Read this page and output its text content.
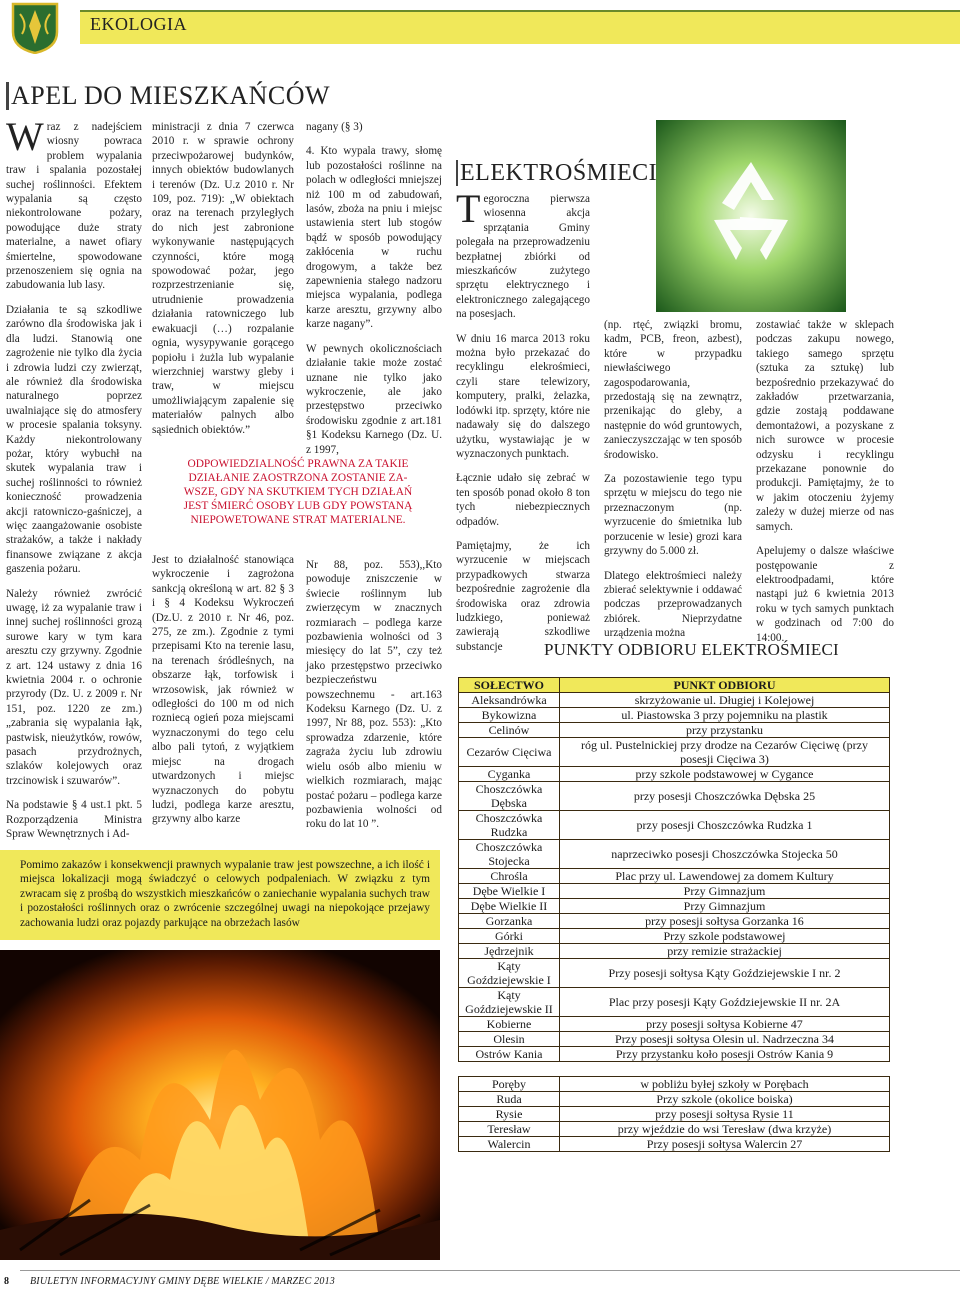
EKOLOGIA
APEL DO MIESZKAŃCÓW

Wraz z nadejściem wiosny powraca problem wypalania traw i spalania pozostałej suchej roślinności. Efektem wypalania są często niekontrolowane pożary, powodujące duże straty materialne, a nawet ofiary śmiertelne, spowodowane przenoszeniem się ognia na zabudowania lub lasy.

Działania te są szkodliwe zarówno dla środowiska jak i dla ludzi. Stanowią one zagrożenie nie tylko dla życia i zdrowia ludzi czy zwierząt, ale również dla środowiska naturalnego poprzez uwalniające się do atmosfery w procesie spalania toksyny. Każdy niekontrolowany pożar, który wybuchł na skutek wypalania traw i suchej roślinności to również konieczność prowadzenia akcji ratowniczo-gaśniczej, a więc zaangażowanie osobiste strażaków, a także i nakłady finansowe związane z akcja gaszenia pożaru.

Należy również zwrócić uwagę, iż za wypalanie traw i innej suchej roślinności grozą surowe kary w tym kara aresztu czy grzywny. Zgodnie z art. 124 ustawy z dnia 16 kwietnia 2004 r. o ochronie przyrody (Dz. U. z 2009 r. Nr 151, poz. 1220 ze zm.) „zabrania się wypalania łąk, pastwisk, nieużytków, rowów, pasach przydrożnych, szlaków kolejowych oraz trzcinowisk i szuwarów”.

Na podstawie § 4 ust.1 pkt. 5 Rozporządzenia Ministra Spraw Wewnętrznych i Ad-

ministracji z dnia 7 czerwca 2010 r. w sprawie ochrony przeciwpożarowej budynków, innych obiektów budowlanych i terenów (Dz. U.z 2010 r. Nr 109, poz. 719): „W obiektach oraz na terenach przyległych do nich jest zabronione wykonywanie następujących czynności, które mogą spowodować pożar, jego rozprzestrzenianie się, utrudnienie prowadzenia działania ratowniczego lub ewakuacji (…) rozpalanie ognia, wysypywanie gorącego popiołu i żużla lub wypalanie wierzchniej warstwy gleby i traw, w miejscu umożliwiającym zapalenie się materiałów palnych albo sąsiednich obiektów.”

ODPOWIEDZIALNOŚĆ PRAWNA ZA TAKIE DZIAŁANIE ZAOSTRZONA ZOSTANIE ZA-WSZE, GDY NA SKUTKIEM TYCH DZIAŁAŃ JEST ŚMIERĆ OSOBY LUB GDY POWSTANĄ NIEPOWETOWANE STRAT MATERIALNE.

Jest to działalność stanowiąca wykroczenie i zagrożona sankcją określoną w art. 82 § 3 i § 4 Kodeksu Wykroczeń (Dz.U. z 2010 r. Nr 46, poz. 275, ze zm.). Zgodnie z tymi przepisami Kto na terenie lasu, na terenach śródleśnych, na obszarze łąk, torfowisk i wrzosowisk, jak również w odległości do 100 m od nich rozniecą ogień poza miejscami wyznaczonymi do tego celu albo pali tytoń, z wyjątkiem miejsc na drogach utwardzonych i miejsc wyznaczonych do pobytu ludzi, podlega karze aresztu, grzywny albo karze

nagany (§ 3)

4. Kto wypala trawy, słomę lub pozostałości roślinne na polach w odległości mniejszej niż 100 m od zabudowań, lasów, zboża na pniu i miejsc ustawienia stert lub stogów bądź w sposób powodujący zakłócenia w ruchu drogowym, a także bez zapewnienia stałego nadzoru miejsca wypalania, podlega karze aresztu, grzywny albo karze nagany”.

W pewnych okolicznościach działanie takie może zostać uznane nie tylko jako wykroczenie, ale jako przestępstwo przeciwko środowisku zgodnie z art.181 §1 Kodeksu Karnego (Dz. U. z 1997,

Nr 88, poz. 553),,Kto powoduje zniszczenie w świecie roślinnym lub zwierzęcym w znacznych rozmiarach – podlega karze pozbawienia wolności od 3 miesięcy do lat 5”, czy też jako przestępstwo przeciwko bezpieczeństwu powszechnemu - art.163 Kodeksu Karnego (Dz. U. z 1997, Nr 88, poz. 553): „Kto sprowadza zdarzenie, które zagraża życiu lub zdrowiu wielu osób albo mieniu w wielkich rozmiarach, mając postać pożaru – podlega karze pozbawienia wolności od roku do lat 10 ”.

Pomimo zakazów i konsekwencji prawnych wypalanie traw jest powszechne, a ich ilość i miejsca lokalizacji mogą świadczyć o celowych podpaleniach. W związku z tym zwracam się z prośbą do wszystkich mieszkańców o zaniechanie wypalania suchych traw i pozostałości roślinnych oraz o zwrócenie szczególnej uwagi na niepokojące przejawy zachowania ludzi oraz pojazdy parkujące na obrzeżach lasów
ELEKTROŚMIECI

Tegoroczna pierwsza wiosenna akcja sprzątania Gminy polegała na przeprowadzeniu bezpłatnej zbiórki od mieszkańców zużytego sprzętu elektrycznego i elektronicznego zalegającego na posesjach.

W dniu 16 marca 2013 roku można było przekazać do recyklingu elekrośmieci, czyli stare telewizory, komputery, pralki, żelazka, lodówki itp. sprzęty, które nie nadawały się do dalszego użytku, wystawiając je w wyznaczonych punktach.

Łącznie udało się zebrać w ten sposób ponad około 8 ton tych niebezpiecznych odpadów.

Pamiętajmy, że ich wyrzucenie w miejscach przypadkowych stwarza bezpośrednie zagrożenie dla środowiska oraz zdrowia ludzkiego, ponieważ zawierają szkodliwe substancje

(np. rtęć, związki bromu, kadm, PCB, freon, azbest), które w przypadku niewłaściwego zagospodarowania, przedostają się na zewnątrz, przenikając do gleby, a następnie do wód gruntowych, zanieczyszczając w ten sposób środowisko.

Za pozostawienie tego typu sprzętu w miejscu do tego nie przeznaczonym (np. wyrzucenie do śmietnika lub porzucenie w lesie) grozi kara grzywny do 5.000 zł.

Dlatego elektrośmieci należy zbierać selektywnie i oddawać podczas przeprowadzanych zbiórek. Nieprzydatne urządzenia można

zostawiać także w sklepach podczas zakupu nowego, takiego samego sprzętu (sztuka za sztukę) lub bezpośrednio przekazywać do zakładów przetwarzania, gdzie zostają poddawane demontażowi, a pozyskane z nich surowce w procesie odzysku i recyklingu przekazane ponownie do produkcji. Pamiętajmy, że to w jakim otoczeniu żyjemy zależy w dużej mierze od nas samych.

Apelujemy o dalsze właściwe postępowanie z elektroodpadami, które nastąpi już 6 kwietnia 2013 roku w tych samych punktach w godzinach od 7:00 do 14:00.

PUNKTY ODBIORU ELEKTROŚMIECI
SOŁECTWO	PUNKT ODBIORU
Aleksandrówka	skrzyżowanie ul. Długiej i Kolejowej
Bykowizna	ul. Piastowska 3 przy pojemniku na plastik
Celinów	przy przystanku
Cezarów Cięciwa	róg ul. Pustelnickiej przy drodze na Cezarów Cięciwę (przy posesji Cięciwa 3)
Cyganka	przy szkole podstawowej w Cygance
Choszczówka Dębska	przy posesji Choszczówka Dębska 25
Choszczówka Rudzka	przy posesji Choszczówka Rudzka 1
Choszczówka Stojecka	naprzeciwko posesji Choszczówka Stojecka 50
Chrośla	Plac przy ul. Lawendowej za domem Kultury
Dębe Wielkie I	Przy Gimnazjum
Dębe Wielkie II	Przy Gimnazjum
Gorzanka	przy posesji sołtysa Gorzanka 16
Górki	Przy szkole podstawowej
Jędrzejnik	przy remizie strażackiej
Kąty Goździejewskie I	Przy posesji sołtysa Kąty Goździejewskie I nr. 2
Kąty Goździejewskie II	Plac przy posesji Kąty Goździejewskie II nr. 2A
Kobierne	przy posesji sołtysa Kobierne 47
Olesin	Przy posesji sołtysa Olesin ul. Nadrzeczna 34
Ostrów Kania	Przy przystanku koło posesji Ostrów Kania 9

Poręby	w pobliżu byłej szkoły w Porębach
Ruda	Przy szkole (okolice boiska)
Rysie	przy posesji sołtysa Rysie 11
Teresław	przy wjeździe do wsi Teresław (dwa krzyże)
Walercin	Przy posesji sołtysa Walercin 27
8 BIULETYN INFORMACYJNY GMINY DĘBE WIELKIE / MARZEC 2013
